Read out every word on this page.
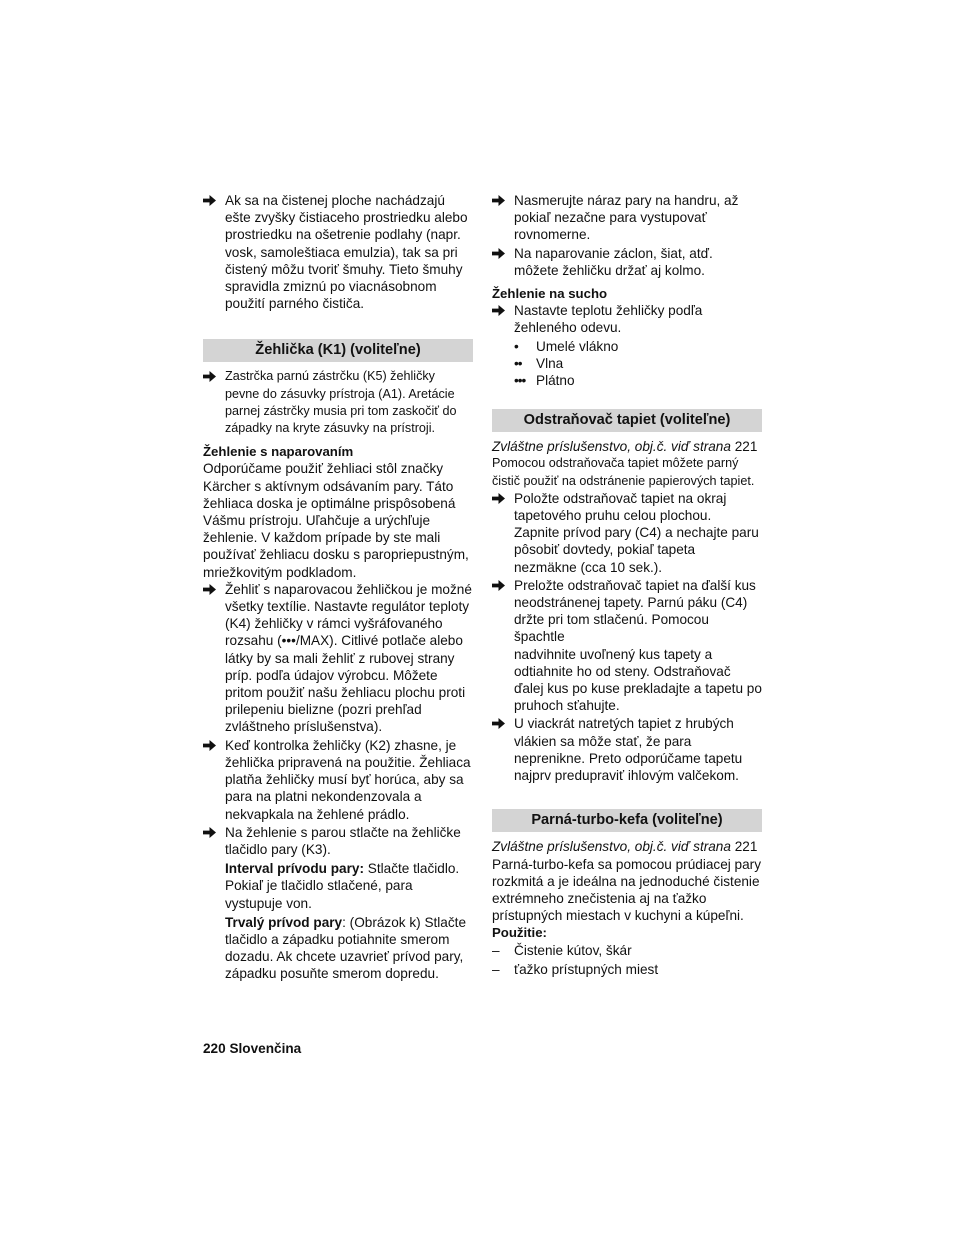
Ak sa na čistenej ploche nachádzajú
ešte zvyšky čistiaceho prostriedku alebo
prostriedku na ošetrenie podlahy (napr.
vosk, samoleštiaca emulzia), tak sa pri
čistený môžu tvoriť šmuhy. Tieto šmuhy
spravidla zmiznú po viacnásobnom
použití parného čističa.
Žehlička (K1) (voliteľne)
Zastrčka parnú zástrčku (K5) žehličky
pevne do zásuvky prístroja (A1). Aretácie
parnej zástrčky musia pri tom zaskočiť do
západky na kryte zásuvky na prístroji.
Žehlenie s naparovaním
Odporúčame použiť žehliaci stôl značky
Kärcher s aktívnym odsávaním pary. Táto
žehliaca doska je optimálne prispôsobená
Vášmu prístroju. Uľahčuje a urýchľuje
žehlenie. V každom prípade by ste mali
používať žehliacu dosku s paropriepustným,
mriežkovitým podkladom.
Žehliť s naparovacou žehličkou je možné
všetky textílie. Nastavte regulátor teploty
(K4) žehličky v rámci vyšráfovaného
rozsahu (•••/MAX). Citlivé potlače alebo
látky by sa mali žehliť z rubovej strany
príp. podľa údajov výrobcu. Môžete
pritom použiť našu žehliacu plochu proti
prilepeniu bielizne (pozri prehľad
zvláštneho príslušenstva).
Keď kontrolka žehličky (K2) zhasne, je
žehlička pripravená na použitie. Žehliaca
platňa žehličky musí byť horúca, aby sa
para na platni nekondenzovala a
nekvapkala na žehlené prádlo.
Na žehlenie s parou stlačte na žehličke
tlačidlo pary (K3).
Interval prívodu pary: Stlačte tlačidlo.
Pokiaľ je tlačidlo stlačené, para
vystupuje von.
Trvalý prívod pary: (Obrázok k) Stlačte
tlačidlo a západku potiahnite smerom
dozadu. Ak chcete uzavrieť prívod pary,
západku posuňte smerom dopredu.
Nasmerujte náraz pary na handru, až
pokiaľ nezačne para vystupovať
rovnomerne.
Na naparovanie záclon, šiat, atď.
môžete žehličku držať aj kolmo.
Žehlenie na sucho
Nastavte teplotu žehličky podľa
žehleného odevu.
•	Umelé vlákno
••	Vlna
••• Plátno
Odstraňovač tapiet (voliteľne)
Zvláštne príslušenstvo, obj.č. viď strana 221
Pomocou odstraňovača tapiet môžete parný
čistič použiť na odstránenie papierových tapiet.
Položte odstraňovač tapiet na okraj
tapetového pruhu celou plochou.
Zapnite prívod pary (C4) a nechajte paru
pôsobiť dovtedy, pokiaľ tapeta
nezmäkne (cca 10 sek.).
Preložte odstraňovač tapiet na ďalší kus
neodstránenej tapety. Parnú páku (C4)
držte pri tom stlačenú. Pomocou špachtle
nadvihnite uvoľnený kus tapety a
odtiahnite ho od steny. Odstraňovač
ďalej kus po kuse prekladajte a tapetu po
pruhoch sťahujte.
U viackrát natretých tapiet z hrubých
vlákien sa môže stať, že para
neprenikne. Preto odporúčame tapetu
najprv predupraviť ihlovým valčekom.
Parná-turbo-kefa (voliteľne)
Zvláštne príslušenstvo, obj.č. viď strana 221
Parná-turbo-kefa sa pomocou prúdiacej pary
rozkmitá a je ideálna na jednoduché čistenie
extrémneho znečistenia aj na ťažko
prístupných miestach v kuchyni a kúpeľni.
Použitie:
– Čistenie kútov, škár
– ťažko prístupných miest
220 Slovenčina
